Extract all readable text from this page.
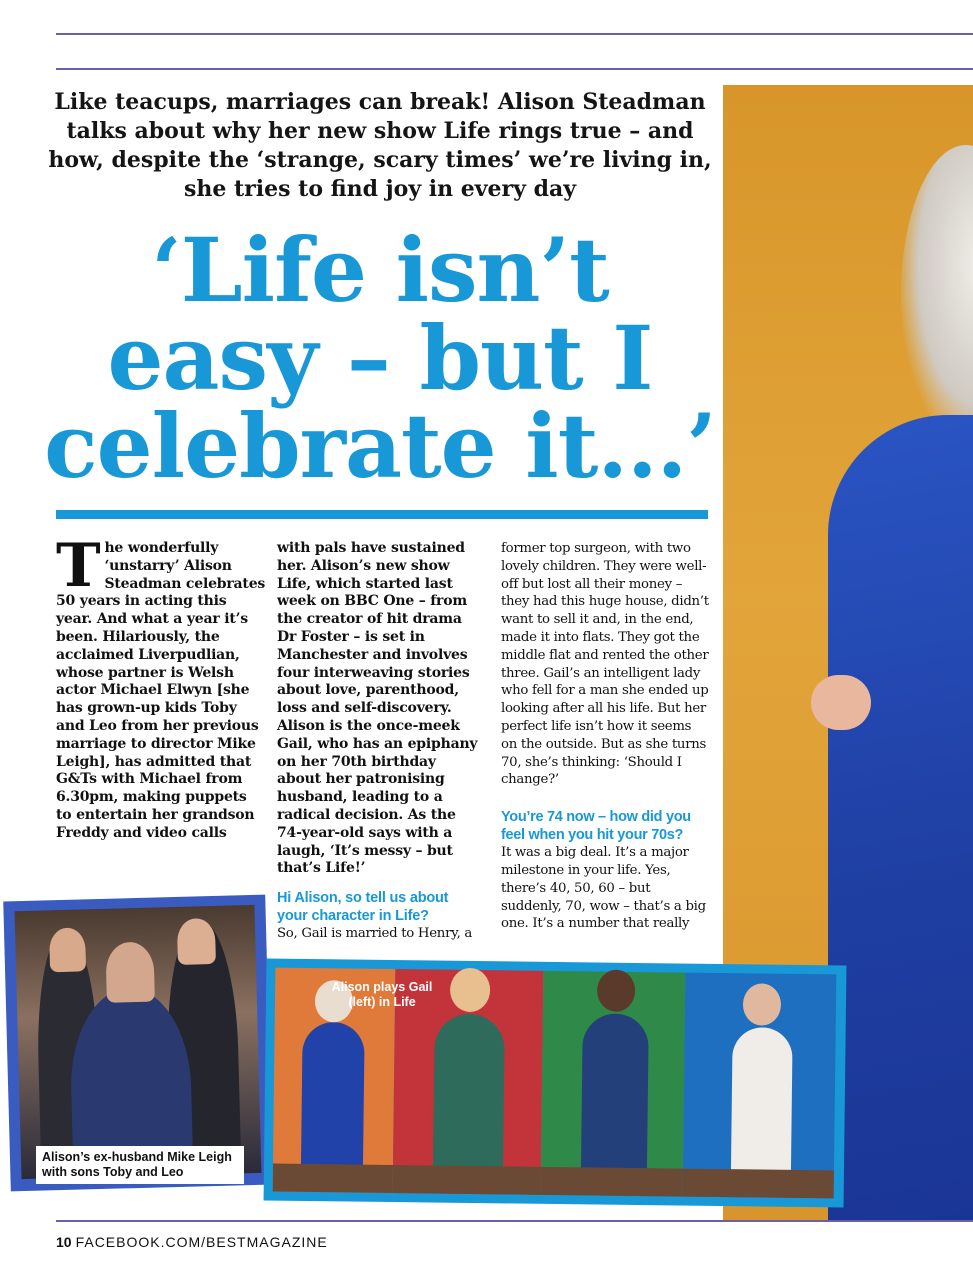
Like teacups, marriages can break! Alison Steadman talks about why her new show Life rings true – and how, despite the ‘strange, scary times’ we’re living in, she tries to find joy in every day
‘Life isn’t easy – but I celebrate it...’

The wonderfully ‘unstarry’ Alison Steadman celebrates 50 years in acting this year. And what a year it’s been. Hilariously, the acclaimed Liverpudlian, whose partner is Welsh actor Michael Elwyn [she has grown-up kids Toby and Leo from her previous marriage to director Mike Leigh], has admitted that G&Ts with Michael from 6.30pm, making puppets to entertain her grandson Freddy and video calls

with pals have sustained her. Alison’s new show Life, which started last week on BBC One – from the creator of hit drama Dr Foster – is set in Manchester and involves four interweaving stories about love, parenthood, loss and self-discovery. Alison is the once-meek Gail, who has an epiphany on her 70th birthday about her patronising husband, leading to a radical decision. As the 74-year-old says with a laugh, ‘It’s messy – but that’s Life!’

Hi Alison, so tell us about your character in Life?

So, Gail is married to Henry, a

former top surgeon, with two lovely children. They were well-off but lost all their money – they had this huge house, didn’t want to sell it and, in the end, made it into flats. They got the middle flat and rented the other three. Gail’s an intelligent lady who fell for a man she ended up looking after all his life. But her perfect life isn’t how it seems on the outside. But as she turns 70, she’s thinking: ‘Should I change?’

You’re 74 now – how did you feel when you hit your 70s?

It was a big deal. It’s a major milestone in your life. Yes, there’s 40, 50, 60 – but suddenly, 70, wow – that’s a big one. It’s a number that really

Alison’s ex-husband Mike Leigh with sons Toby and Leo
Alison plays Gail (left) in Life
10 FACEBOOK.COM/BESTMAGAZINE
